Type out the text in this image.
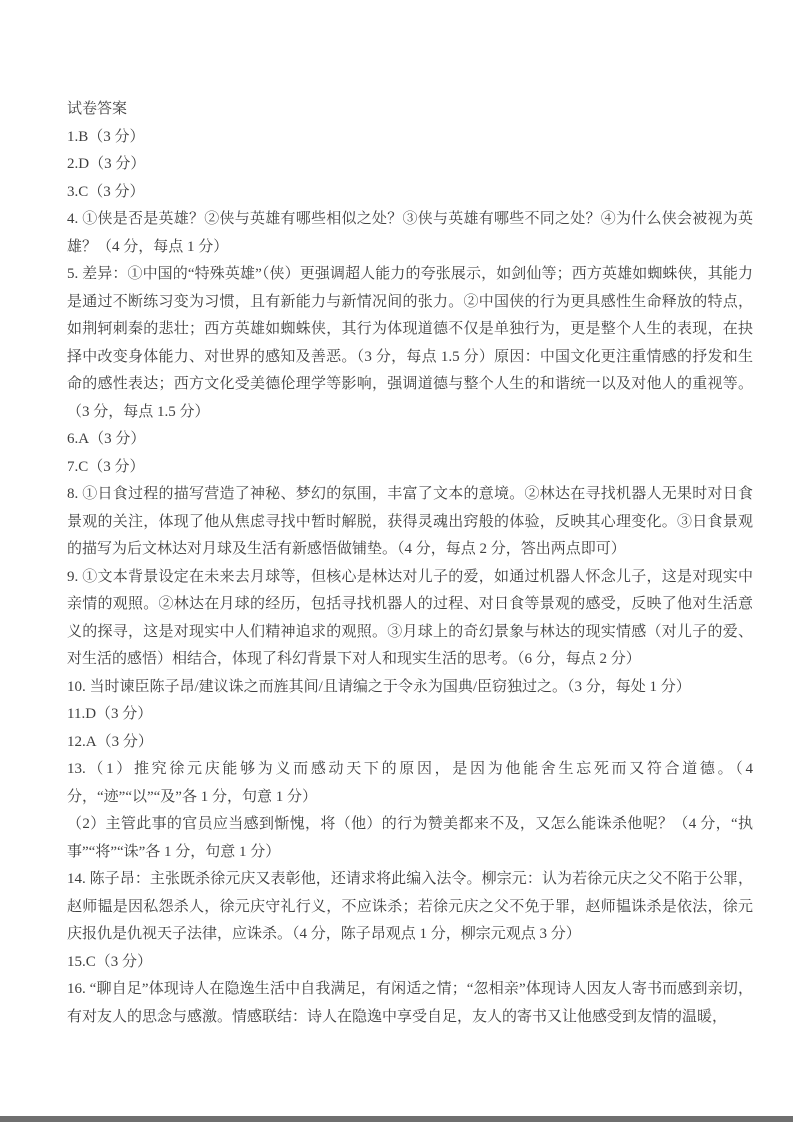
试卷答案

1.B（3 分）

2.D（3 分）

3.C（3 分）

4. ①侠是否是英雄？②侠与英雄有哪些相似之处？③侠与英雄有哪些不同之处？④为什么侠会被视为英雄？（4 分，每点 1 分）

5. 差异：①中国的“特殊英雄”（侠）更强调超人能力的夸张展示，如剑仙等；西方英雄如蜘蛛侠，其能力是通过不断练习变为习惯，且有新能力与新情况间的张力。②中国侠的行为更具感性生命释放的特点，如荆轲刺秦的悲壮；西方英雄如蜘蛛侠，其行为体现道德不仅是单独行为，更是整个人生的表现，在抉择中改变身体能力、对世界的感知及善恶。（3 分，每点 1.5 分）原因：中国文化更注重情感的抒发和生命的感性表达；西方文化受美德伦理学等影响，强调道德与整个人生的和谐统一以及对他人的重视等。（3 分，每点 1.5 分）

6.A（3 分）

7.C（3 分）

8. ①日食过程的描写营造了神秘、梦幻的氛围，丰富了文本的意境。②林达在寻找机器人无果时对日食景观的关注，体现了他从焦虑寻找中暂时解脱，获得灵魂出窍般的体验，反映其心理变化。③日食景观的描写为后文林达对月球及生活有新感悟做铺垫。（4 分，每点 2 分，答出两点即可）

9. ①文本背景设定在未来去月球等，但核心是林达对儿子的爱，如通过机器人怀念儿子，这是对现实中亲情的观照。②林达在月球的经历，包括寻找机器人的过程、对日食等景观的感受，反映了他对生活意义的探寻，这是对现实中人们精神追求的观照。③月球上的奇幻景象与林达的现实情感（对儿子的爱、对生活的感悟）相结合，体现了科幻背景下对人和现实生活的思考。（6 分，每点 2 分）

10. 当时谏臣陈子昂/建议诛之而旌其间/且请编之于令永为国典/臣窃独过之。（3 分，每处 1 分）

11.D（3 分）

12.A（3 分）

13.（1）推究徐元庆能够为义而感动天下的原因，是因为他能舍生忘死而又符合道德。（4 分，“迹”“以”“及”各 1 分，句意 1 分）

（2）主管此事的官员应当感到惭愧，将（他）的行为赞美都来不及，又怎么能诛杀他呢？（4 分，“执事”“将”“诛”各 1 分，句意 1 分）

14. 陈子昂：主张既杀徐元庆又表彰他，还请求将此编入法令。柳宗元：认为若徐元庆之父不陷于公罪，赵师韫是因私怨杀人，徐元庆守礼行义，不应诛杀；若徐元庆之父不免于罪，赵师韫诛杀是依法，徐元庆报仇是仇视天子法律，应诛杀。（4 分，陈子昂观点 1 分，柳宗元观点 3 分）

15.C（3 分）

16. “聊自足”体现诗人在隐逸生活中自我满足，有闲适之情；“忽相亲”体现诗人因友人寄书而感到亲切，有对友人的思念与感激。情感联结：诗人在隐逸中享受自足，友人的寄书又让他感受到友情的温暖，
